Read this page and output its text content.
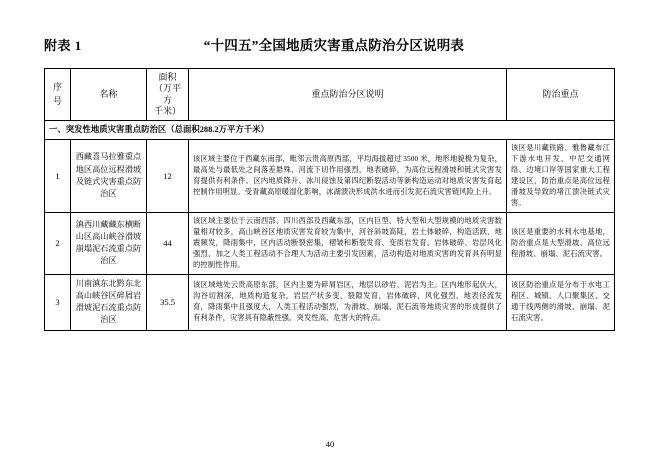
附表 1	“十四五”全国地质灾害重点防治分区说明表
序号	名称	面积
（万平方
千米）	重点防治分区说明	防治重点
一、突发性地质灾害重点防治区（总面积288.2万平方千米）				
1	西藏喜马拉雅重点地区高位远程滑坡及链式灾害重点防治区	12	该区域主要位于西藏东南部，毗邻云贵高原西部，平均海拔超过 3500 米，地形地貌极为复杂，最高处与最低处之间落差悬殊，河流下切作用强烈，地表破碎，为高位远程滑坡和链式灾害发育提供有利条件。区内地质降升、冰川侵蚀及第四纪断裂活动等新构造运动对地质灾害发育起控制作用明显。受青藏高原暖湿化影响，冰湖溃决形成洪水进而引发泥石流灾害链风险上升。	该区是川藏铁路、雅鲁藏布江下游水电开发、中尼交通网络、边境口岸等国家重大工程建设区，防治重点是高位远程滑坡及导致的堵江溃决链式灾害。
2	滇西川藏藏东横断山区高山峡谷滑坡崩塌泥石流重点防治区	44	该区域主要位于云南西部、四川西部及西藏东部，区内巨型、特大型和大型规模的地质灾害数量相对较多，高山峡谷区地质灾害发育较为集中，河谷斜坡高陡，岩土体破碎，构造活跃，地震频发，降雨集中，区内活动断裂密集，褶皱和断裂发育、变质岩发育、岩体破碎、岩层风化强烈，加之人类工程活动不合理人为活动主要引发因素，活动构造对地质灾害的发育具有明显的控制性作用。	该区是重要的水利水电基地，防治重点是大型滑坡、高位远程滑坡、崩塌、泥石流灾害。
3	川南滇东北黔东北高山峡谷区碎屑岩滑坡泥石流重点防治区	35.5	该区域地处云贵高原东部，区内主要为碎屑岩区，地层以砂岩、泥岩为主。区内地形起伏大，沟谷切割深，地质构造复杂，岩层产状多变，裂隙发育，岩体破碎，风化强烈，地表径流发育，降雨集中且强度大，人类工程活动强烈，为滑坡、崩塌、泥石流等地质灾害的形成提供了有利条件，灾害具有隐蔽性强、突发性高、危害大的特点。	该区防治重点是分布于水电工程区、城镇、人口聚集区、交通干线两侧的滑坡、崩塌、泥石流灾害。
40
